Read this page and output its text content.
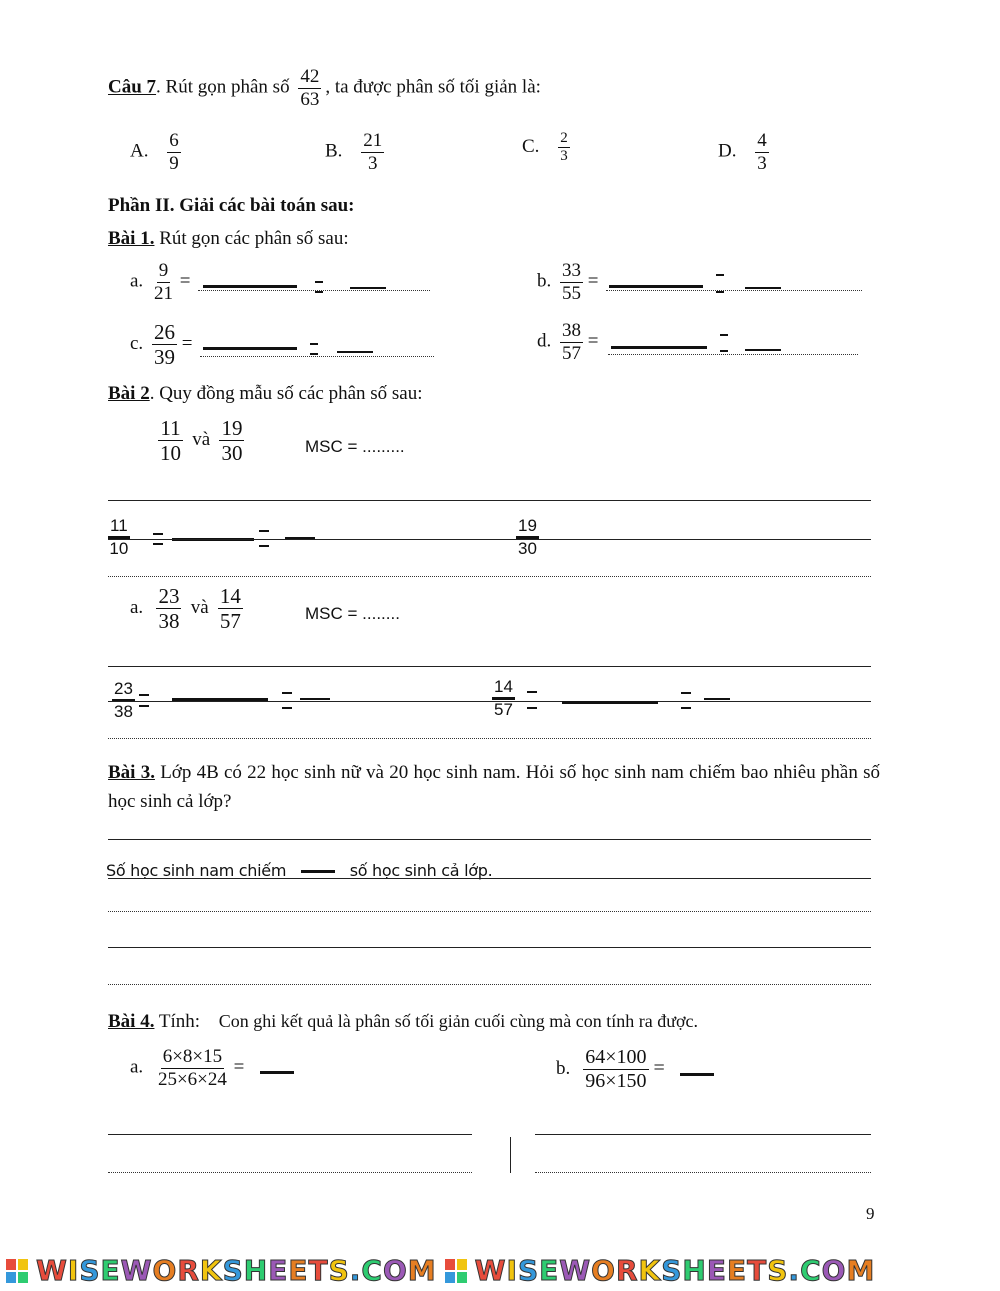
Câu 7. Rút gọn phân số $\frac{42}{63}$ , ta được phân số tối giản là:
A. $\frac{6}{9}$	B. $\frac{21}{3}$	C. $\frac{2}{3}$	D. $\frac{4}{3}$
Phần II. Giải các bài toán sau:
Bài 1. Rút gọn các phân số sau:
a. $\frac{9}{21}$ =	b. $\frac{33}{55}$ =
c. $\frac{26}{39}$ =	d. $\frac{38}{57}$ =
Bài 2. Quy đồng mẫu số các phân số sau:
$\frac{11}{10}$ và $\frac{19}{30}$	MSC = .........
$\frac{11}{10}$	$\frac{19}{30}$
a. $\frac{23}{38}$ và $\frac{14}{57}$	MSC = ........
$\frac{23}{38}$	$\frac{14}{57}$
Bài 3. Lớp 4B có 22 học sinh nữ và 20 học sinh nam. Hỏi số học sinh nam chiếm bao nhiêu phần số học sinh cả lớp?
Số học sinh nam chiếm	số học sinh cả lớp.
Bài 4. Tính: Con ghi kết quả là phân số tối giản cuối cùng mà con tính ra được.
a. $\frac{6\times 8\times 15}{25\times 6\times 24}$ =	b. $\frac{64\times 100}{96\times 150}$ =
9
W I S E W O R K S H E E T S . C O M W I S E W O R K S H E E T S . C O M
